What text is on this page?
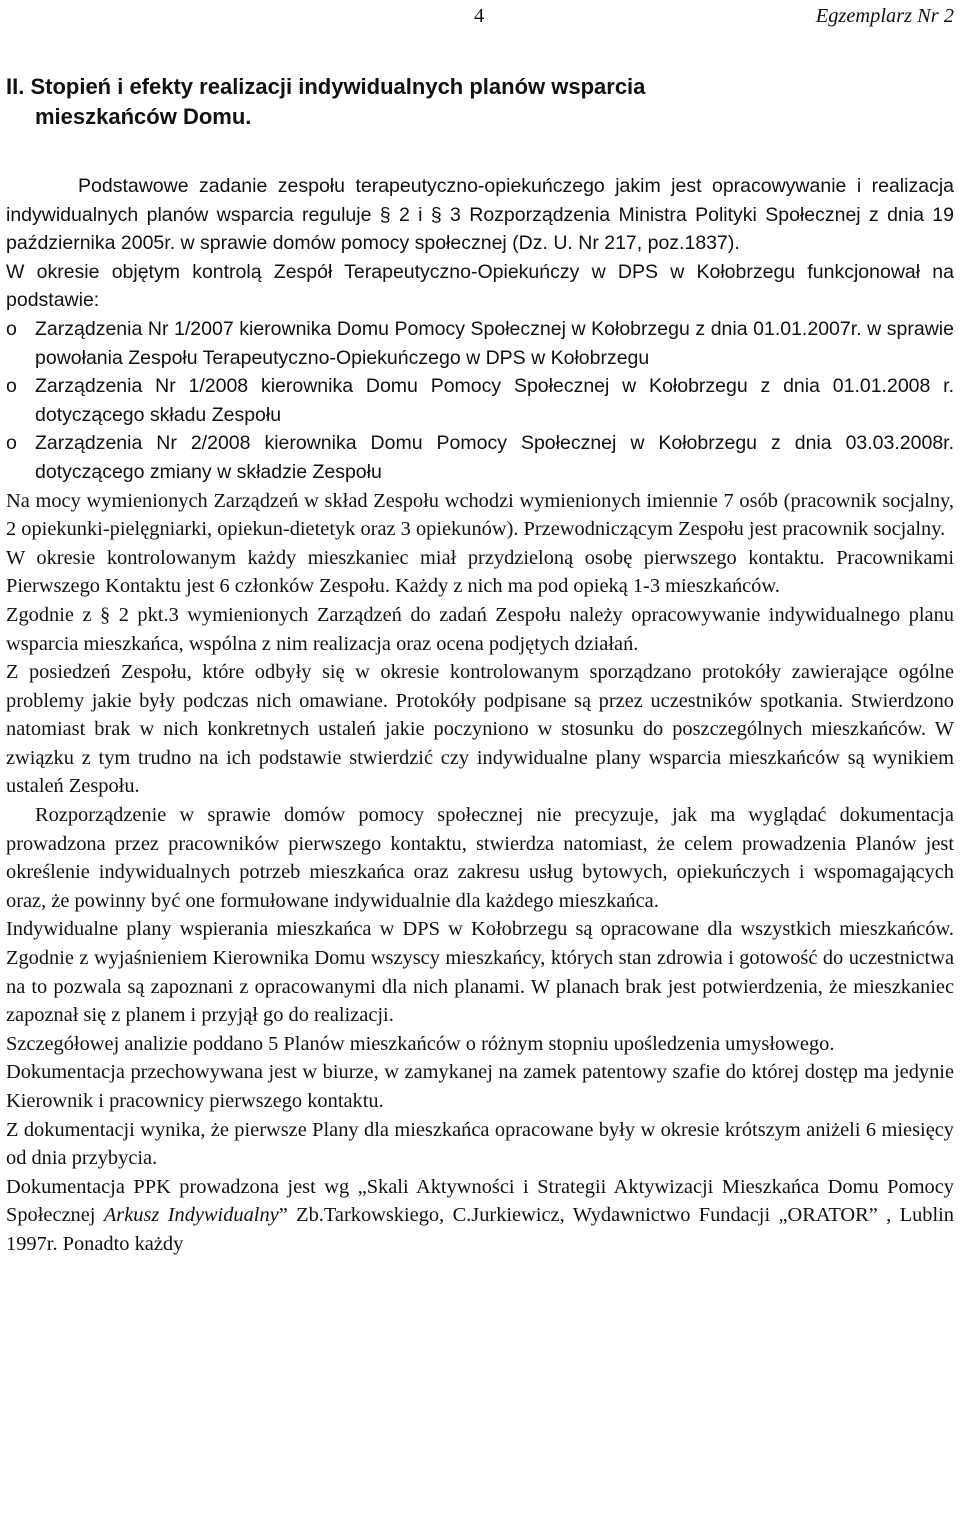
4	Egzemplarz Nr 2
II. Stopień i efekty realizacji indywidualnych planów wsparcia
mieszkańców Domu.

Podstawowe zadanie zespołu terapeutyczno-opiekuńczego jakim jest opracowywanie i realizacja indywidualnych planów wsparcia reguluje § 2 i § 3 Rozporządzenia Ministra Polityki Społecznej z dnia 19 października 2005r. w sprawie domów pomocy społecznej (Dz. U. Nr 217, poz.1837).

W okresie objętym kontrolą Zespół Terapeutyczno-Opiekuńczy w DPS w Kołobrzegu funkcjonował na podstawie:

o Zarządzenia Nr 1/2007 kierownika Domu Pomocy Społecznej w Kołobrzegu z dnia 01.01.2007r. w sprawie powołania Zespołu Terapeutyczno-Opiekuńczego w DPS w Kołobrzegu
o Zarządzenia Nr 1/2008 kierownika Domu Pomocy Społecznej w Kołobrzegu z dnia 01.01.2008 r. dotyczącego składu Zespołu
o Zarządzenia Nr 2/2008 kierownika Domu Pomocy Społecznej w Kołobrzegu z dnia 03.03.2008r. dotyczącego zmiany w składzie Zespołu

Na mocy wymienionych Zarządzeń w skład Zespołu wchodzi wymienionych imiennie 7 osób (pracownik socjalny, 2 opiekunki-pielęgniarki, opiekun-dietetyk oraz 3 opiekunów). Przewodniczącym Zespołu jest pracownik socjalny.

W okresie kontrolowanym każdy mieszkaniec miał przydzieloną osobę pierwszego kontaktu. Pracownikami Pierwszego Kontaktu jest 6 członków Zespołu. Każdy z nich ma pod opieką 1-3 mieszkańców.

Zgodnie z § 2 pkt.3 wymienionych Zarządzeń do zadań Zespołu należy opracowywanie indywidualnego planu wsparcia mieszkańca, wspólna z nim realizacja oraz ocena podjętych działań.

Z posiedzeń Zespołu, które odbyły się w okresie kontrolowanym sporządzano protokóły zawierające ogólne problemy jakie były podczas nich omawiane. Protokóły podpisane są przez uczestników spotkania. Stwierdzono natomiast brak w nich konkretnych ustaleń jakie poczyniono w stosunku do poszczególnych mieszkańców. W związku z tym trudno na ich podstawie stwierdzić czy indywidualne plany wsparcia mieszkańców są wynikiem ustaleń Zespołu.

Rozporządzenie w sprawie domów pomocy społecznej nie precyzuje, jak ma wyglądać dokumentacja prowadzona przez pracowników pierwszego kontaktu, stwierdza natomiast, że celem prowadzenia Planów jest określenie indywidualnych potrzeb mieszkańca oraz zakresu usług bytowych, opiekuńczych i wspomagających oraz, że powinny być one formułowane indywidualnie dla każdego mieszkańca.

Indywidualne plany wspierania mieszkańca w DPS w Kołobrzegu są opracowane dla wszystkich mieszkańców. Zgodnie z wyjaśnieniem Kierownika Domu wszyscy mieszkańcy, których stan zdrowia i gotowość do uczestnictwa na to pozwala są zapoznani z opracowanymi dla nich planami. W planach brak jest potwierdzenia, że mieszkaniec zapoznał się z planem i przyjął go do realizacji.

Szczegółowej analizie poddano 5 Planów mieszkańców o różnym stopniu upośledzenia umysłowego.

Dokumentacja przechowywana jest w biurze, w zamykanej na zamek patentowy szafie do której dostęp ma jedynie Kierownik i pracownicy pierwszego kontaktu.

Z dokumentacji wynika, że pierwsze Plany dla mieszkańca opracowane były w okresie krótszym aniżeli 6 miesięcy od dnia przybycia.

Dokumentacja PPK prowadzona jest wg „Skali Aktywności i Strategii Aktywizacji Mieszkańca Domu Pomocy Społecznej Arkusz Indywidualny” Zb.Tarkowskiego, C.Jurkiewicz, Wydawnictwo Fundacji „ORATOR” , Lublin 1997r. Ponadto każdy
